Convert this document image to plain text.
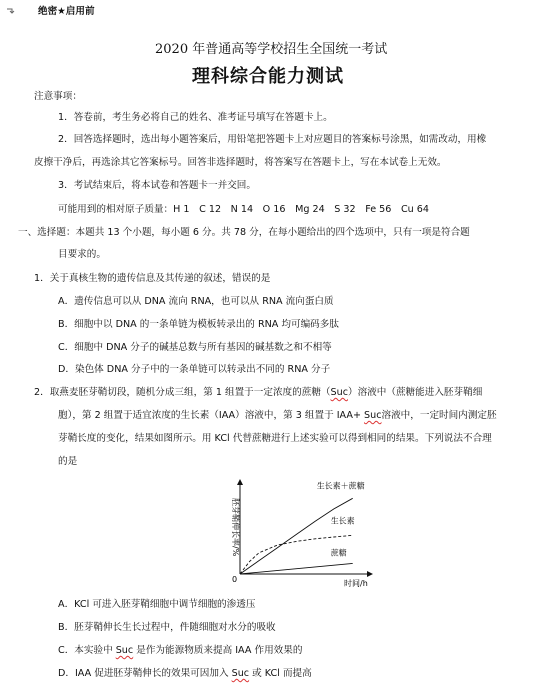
绝密★启用前
2020 年普通高等学校招生全国统一考试
理科综合能力测试
注意事项：
1．答卷前，考生务必将自己的姓名、准考证号填写在答题卡上。
2．回答选择题时，选出每小题答案后，用铅笔把答题卡上对应题目的答案标号涂黑，如需改动，用橡
皮擦干净后，再选涂其它答案标号。回答非选择题时，将答案写在答题卡上，写在本试卷上无效。
3．考试结束后，将本试卷和答题卡一并交回。
可能用到的相对原子质量：H 1　C 12　N 14　O 16　Mg 24　S 32　Fe 56　Cu 64
一、选择题：本题共 13 个小题，每小题 6 分。共 78 分，在每小题给出的四个选项中，只有一项是符合题
目要求的。
1．关于真核生物的遗传信息及其传递的叙述，错误的是
A．遗传信息可以从 DNA 流向 RNA，也可以从 RNA 流向蛋白质
B．细胞中以 DNA 的一条单链为模板转录出的 RNA 均可编码多肽
C．细胞中 DNA 分子的碱基总数与所有基因的碱基数之和不相等
D．染色体 DNA 分子中的一条单链可以转录出不同的 RNA 分子
2．取燕麦胚芽鞘切段，随机分成三组，第 1 组置于一定浓度的蔗糖（Suc）溶液中（蔗糖能进入胚芽鞘细
胞），第 2 组置于适宜浓度的生长素（IAA）溶液中，第 3 组置于 IAA+ Suc溶液中，一定时间内测定胚
芽鞘长度的变化，结果如图所示。用 KCl 代替蔗糖进行上述实验可以得到相同的结果。下列说法不合理
的是
胚芽鞘伸长率/%
时间/h
0
生长素＋蔗糖
生长素
蔗糖
A．KCl 可进入胚芽鞘细胞中调节细胞的渗透压
B．胚芽鞘伸长生长过程中，件随细胞对水分的吸收
C．本实验中 Suc 是作为能源物质来提高 IAA 作用效果的
D．IAA 促进胚芽鞘伸长的效果可因加入 Suc 或 KCl 而提高
